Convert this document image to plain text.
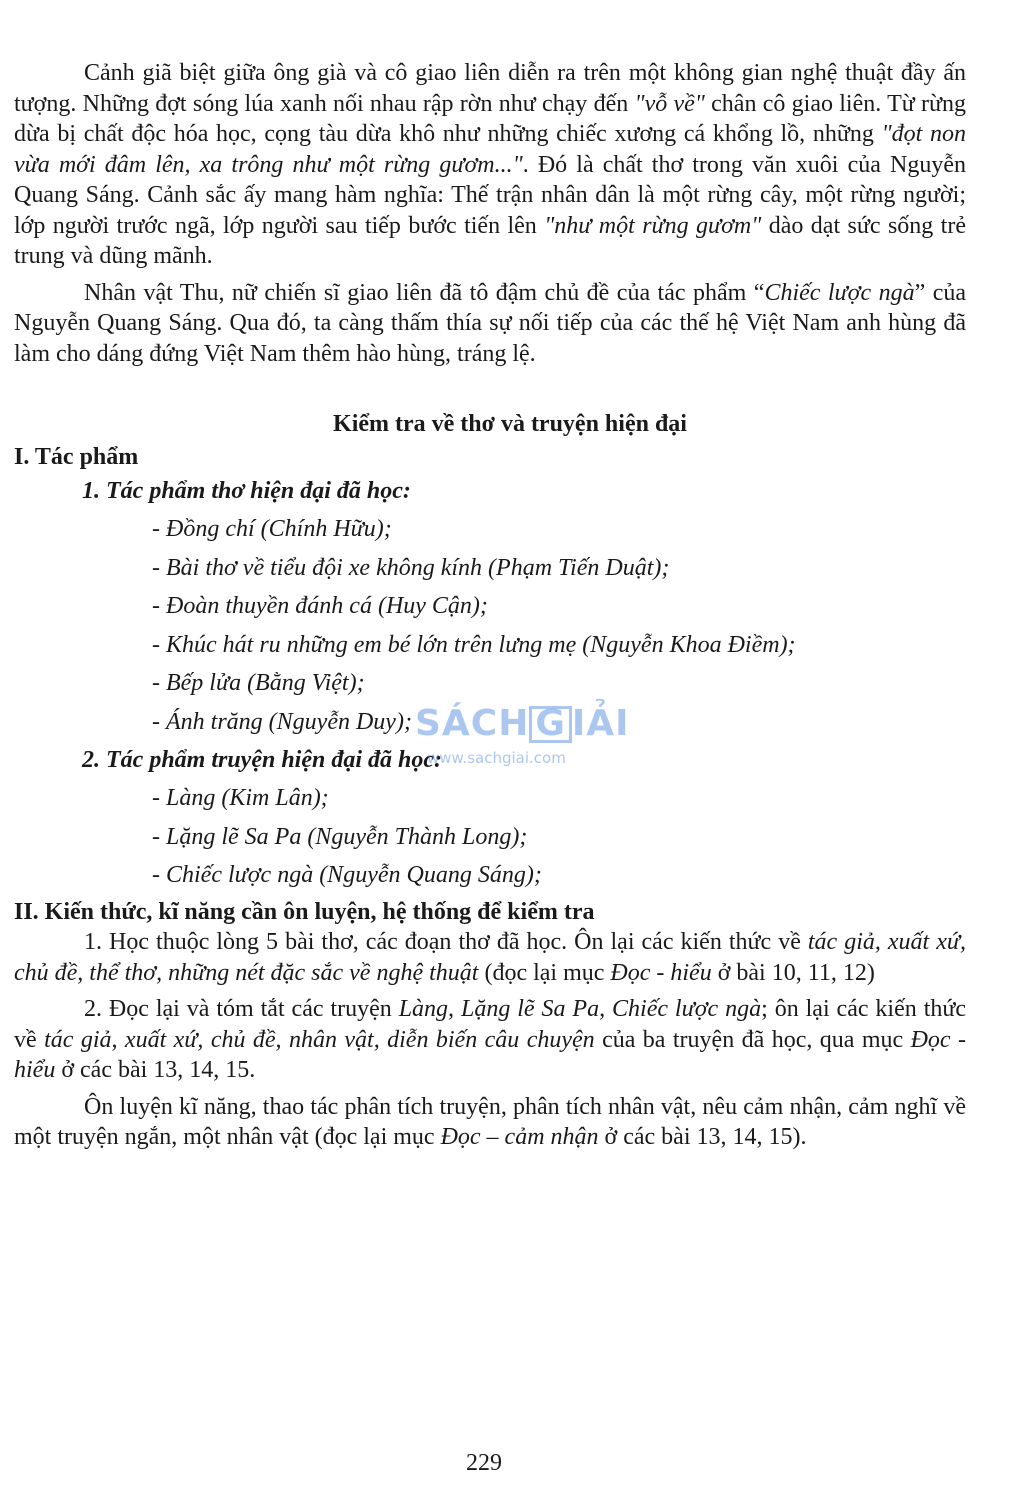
Cảnh giã biệt giữa ông già và cô giao liên diễn ra trên một không gian nghệ thuật đầy ấn tượng. Những đợt sóng lúa xanh nối nhau rập rờn như chạy đến "vỗ về" chân cô giao liên. Từ rừng dừa bị chất độc hóa học, cọng tàu dừa khô như những chiếc xương cá khổng lồ, những "đọt non vừa mới đâm lên, xa trông như một rừng gươm...". Đó là chất thơ trong văn xuôi của Nguyễn Quang Sáng. Cảnh sắc ấy mang hàm nghĩa: Thế trận nhân dân là một rừng cây, một rừng người; lớp người trước ngã, lớp người sau tiếp bước tiến lên "như một rừng gươm" dào dạt sức sống trẻ trung và dũng mãnh.

Nhân vật Thu, nữ chiến sĩ giao liên đã tô đậm chủ đề của tác phẩm “Chiếc lược ngà” của Nguyễn Quang Sáng. Qua đó, ta càng thấm thía sự nối tiếp của các thế hệ Việt Nam anh hùng đã làm cho dáng đứng Việt Nam thêm hào hùng, tráng lệ.

Kiểm tra về thơ và truyện hiện đại

I. Tác phẩm

1. Tác phẩm thơ hiện đại đã học:

- Đồng chí (Chính Hữu);
- Bài thơ về tiểu đội xe không kính (Phạm Tiến Duật);
- Đoàn thuyền đánh cá (Huy Cận);
- Khúc hát ru những em bé lớn trên lưng mẹ (Nguyễn Khoa Điềm);
- Bếp lửa (Bằng Việt);
- Ánh trăng (Nguyễn Duy);

2. Tác phẩm truyện hiện đại đã học:

- Làng (Kim Lân);
- Lặng lẽ Sa Pa (Nguyễn Thành Long);
- Chiếc lược ngà (Nguyễn Quang Sáng);

II. Kiến thức, kĩ năng cần ôn luyện, hệ thống để kiểm tra

1. Học thuộc lòng 5 bài thơ, các đoạn thơ đã học. Ôn lại các kiến thức về tác giả, xuất xứ, chủ đề, thể thơ, những nét đặc sắc về nghệ thuật (đọc lại mục Đọc - hiểu ở bài 10, 11, 12)

2. Đọc lại và tóm tắt các truyện Làng, Lặng lẽ Sa Pa, Chiếc lược ngà; ôn lại các kiến thức về tác giả, xuất xứ, chủ đề, nhân vật, diễn biến câu chuyện của ba truyện đã học, qua mục Đọc - hiểu ở các bài 13, 14, 15.

Ôn luyện kĩ năng, thao tác phân tích truyện, phân tích nhân vật, nêu cảm nhận, cảm nghĩ về một truyện ngắn, một nhân vật (đọc lại mục Đọc – cảm nhận ở các bài 13, 14, 15).

SÁCH G IẢI
www.sachgiai.com
229
